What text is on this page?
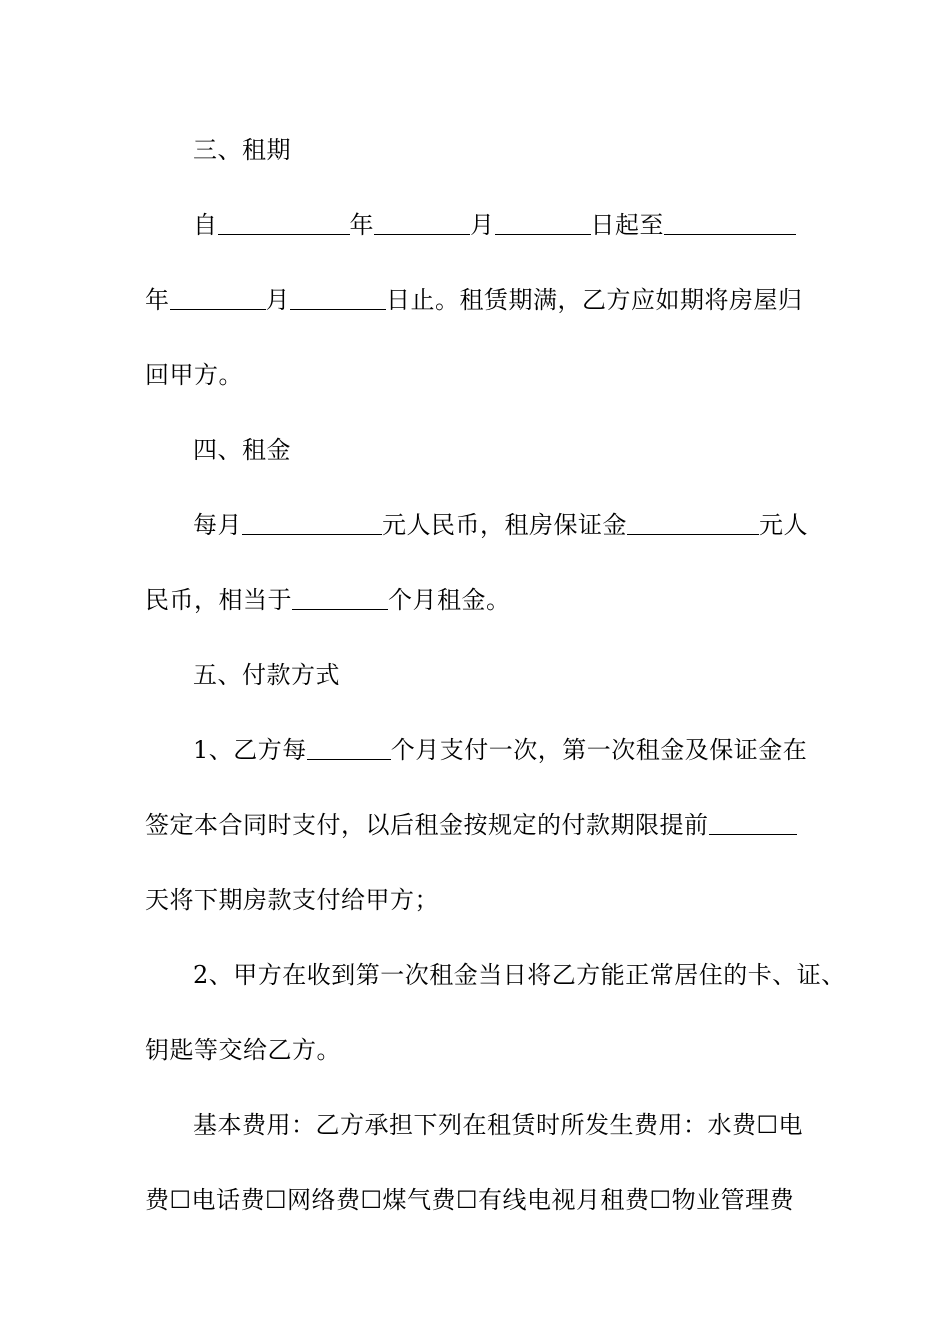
三、租期
自	年	月	日起至
年	月	日止。租赁期满，乙方应如期将房屋归
回甲方。
四、租金
每月	元人民币，租房保证金	元人
民币，相当于	个月租金。
五、付款方式
1、乙方每	个月支付一次，第一次租金及保证金在
签定本合同时支付，以后租金按规定的付款期限提前
天将下期房款支付给甲方；
2、甲方在收到第一次租金当日将乙方能正常居住的卡、证、
钥匙等交给乙方。
基本费用：乙方承担下列在租赁时所发生费用：水费☐电
费☐电话费☐网络费☐煤气费☐有线电视月租费☐物业管理费
